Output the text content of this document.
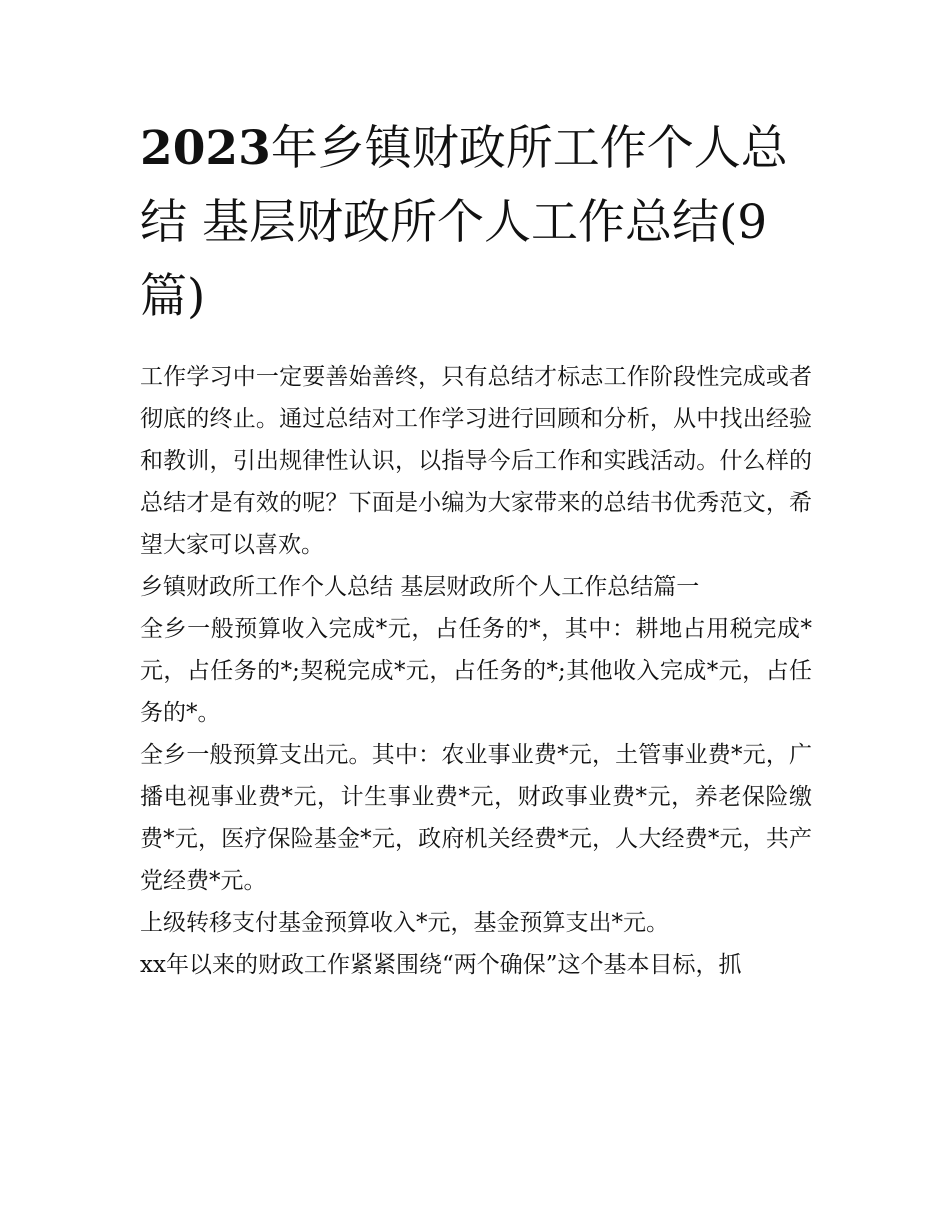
2023年乡镇财政所工作个人总结 基层财政所个人工作总结(9篇)

工作学习中一定要善始善终，只有总结才标志工作阶段性完成或者彻底的终止。通过总结对工作学习进行回顾和分析，从中找出经验和教训，引出规律性认识，以指导今后工作和实践活动。什么样的总结才是有效的呢？下面是小编为大家带来的总结书优秀范文，希望大家可以喜欢。

乡镇财政所工作个人总结 基层财政所个人工作总结篇一

全乡一般预算收入完成*元，占任务的*，其中：耕地占用税完成*元，占任务的*;契税完成*元，占任务的*;其他收入完成*元，占任务的*。

全乡一般预算支出元。其中：农业事业费*元，土管事业费*元，广播电视事业费*元，计生事业费*元，财政事业费*元，养老保险缴费*元，医疗保险基金*元，政府机关经费*元，人大经费*元，共产党经费*元。

上级转移支付基金预算收入*元，基金预算支出*元。

xx年以来的财政工作紧紧围绕“两个确保”这个基本目标，抓
